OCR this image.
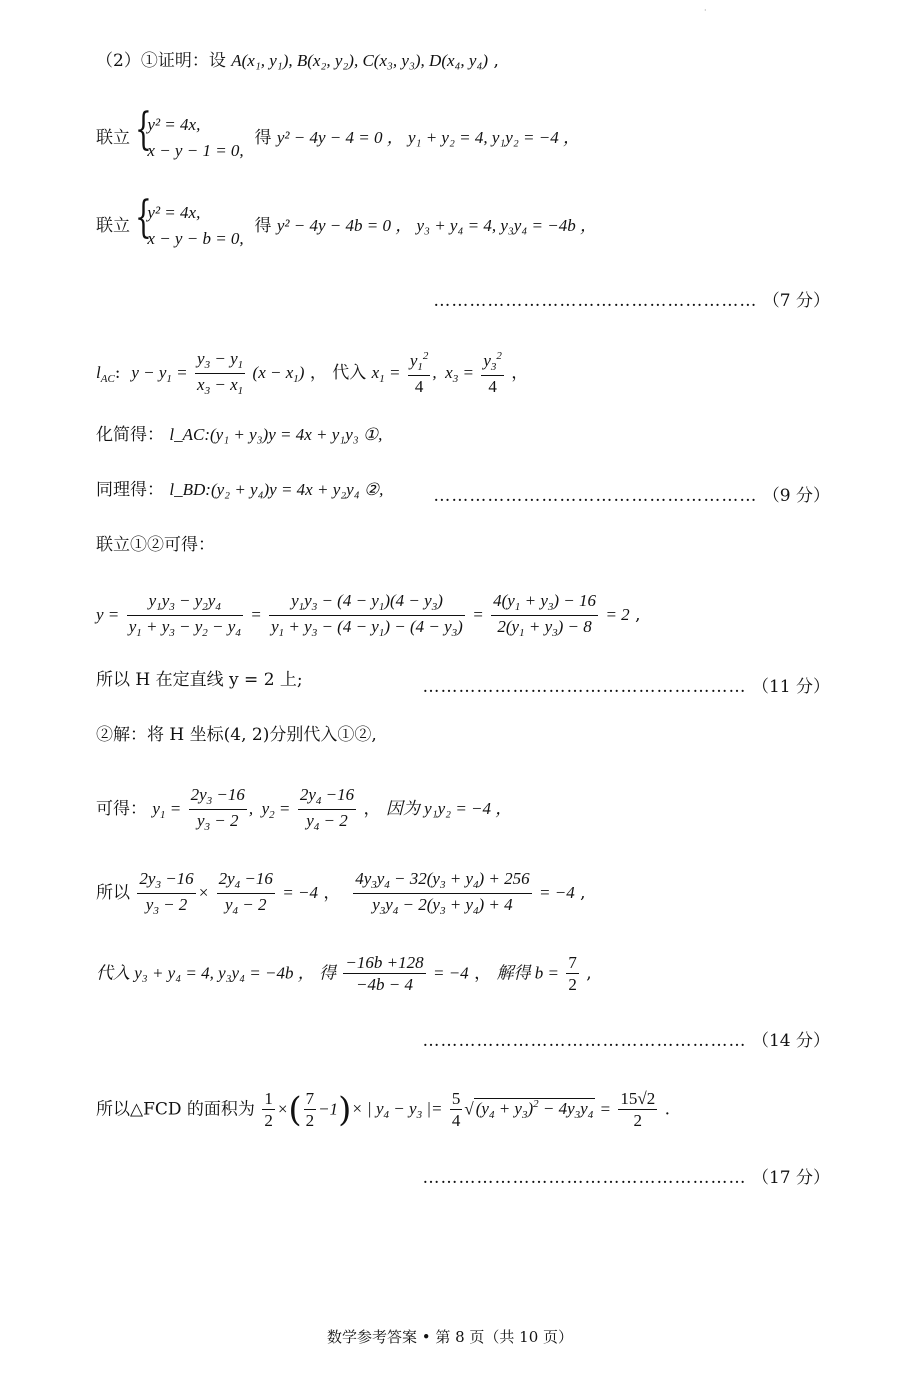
·
（2）①证明：设 A(x₁, y₁), B(x₂, y₂), C(x₃, y₃), D(x₄, y₄) ,
联立 {
y² = 4x,
x − y − 1 = 0,
得 y² − 4y − 4 = 0 ， y₁ + y₂ = 4, y₁y₂ = −4 ，
联立 {
y² = 4x,
x − y − b = 0,
得 y² − 4y − 4b = 0 ， y₃ + y₄ = 4, y₃y₄ = −4b ，
……………………………………………… （7 分）
$l_{AC}$:  $y - y_1 = \frac{y_3 - y_1}{x_3 - x_1} (x - x_1)$ ， 代入 $x_1 = \frac{y_1^2}{4}$ ,  $x_3 = \frac{y_3^2}{4}$ ，
化简得： l_AC:(y₁ + y₃)y = 4x + y₁y₃ ①,
同理得： l_BD:(y₂ + y₄)y = 4x + y₂y₄ ②,	……………………………………………… （9 分）
联立①②可得：
$y = \frac{y_1y_3 - y_2y_4}{y_1 + y_3 - y_2 - y_4} = \frac{y_1y_3 - (4 - y_1)(4 - y_3)}{y_1 + y_3 - (4 - y_1) - (4 - y_3)} = \frac{4(y_1 + y_3) - 16}{2(y_1 + y_3) - 8} = 2$ ,
所以 H 在定直线 y = 2 上;	……………………………………………… （11 分）
②解：将 H 坐标(4, 2)分别代入①②,
可得： $y_1 = \frac{2y_3 -16}{y_3 - 2}$ ,  $y_2 = \frac{2y_4 -16}{y_4 - 2}$ ， 因为 y₁y₂ = −4 ，
所以 $\frac{2y_3 -16}{y_3 - 2} \times \frac{2y_4 -16}{y_4 - 2} = -4$ ， $\frac{4y_3y_4 - 32(y_3 + y_4) + 256}{y_3y_4 - 2(y_3 + y_4) + 4} = -4$ ,
代入 y₃ + y₄ = 4, y₃y₄ = −4b ， 得 $\frac{-16b +128}{-4b - 4} = -4$ ， 解得 $b = \frac{7}{2}$ ,
……………………………………………… （14 分）
所以△FCD 的面积为 $\frac{1}{2}$ ×( $\frac{7}{2} -1)\times$ | $y_4 - y_3$ |= $\frac{5}{4}$ √ $(y_4 + y_3)^2 - 4y_3y_4 = \frac{15√2}{2}$ .
……………………………………………… （17 分）
数学参考答案 • 第 8 页（共 10 页）
